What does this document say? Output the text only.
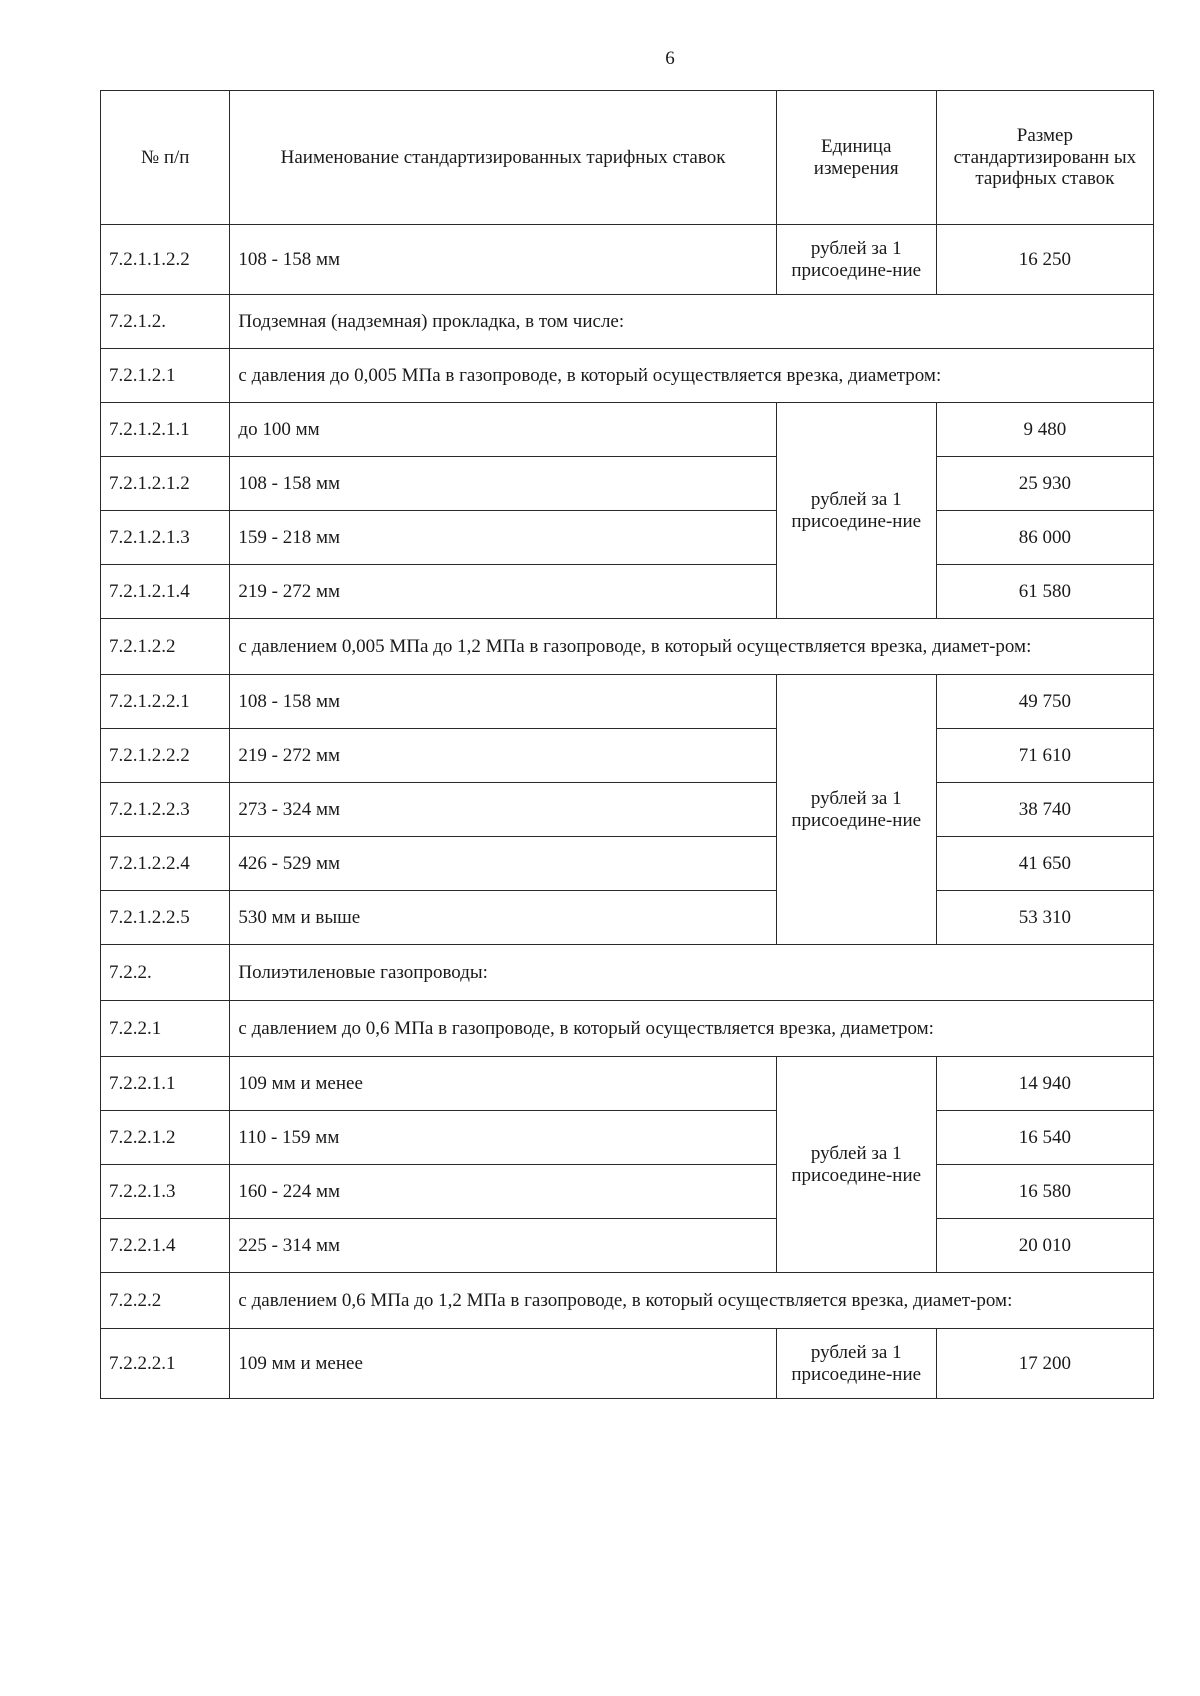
6
№ п/п	Наименование стандартизированных тарифных ставок	Единица измерения	Размер стандартизированн ых тарифных ставок
7.2.1.1.2.2	108 - 158 мм	рублей за 1 присоедине-ние	16 250
7.2.1.2.	Подземная (надземная) прокладка, в том числе:		
7.2.1.2.1	с давления до 0,005 МПа в газопроводе, в который осуществляется врезка, диаметром:		
7.2.1.2.1.1	до 100 мм	рублей за 1 присоедине-ние	9 480
7.2.1.2.1.2	108 - 158 мм		25 930
7.2.1.2.1.3	159 - 218 мм		86 000
7.2.1.2.1.4	219 - 272 мм		61 580
7.2.1.2.2	с давлением 0,005 МПа до 1,2 МПа в газопроводе, в который осуществляется врезка, диамет-ром:		
7.2.1.2.2.1	108 - 158 мм	рублей за 1 присоедине-ние	49 750
7.2.1.2.2.2	219 - 272 мм		71 610
7.2.1.2.2.3	273 - 324 мм		38 740
7.2.1.2.2.4	426 - 529 мм		41 650
7.2.1.2.2.5	530 мм и выше		53 310
7.2.2.	Полиэтиленовые газопроводы:		
7.2.2.1	с давлением до 0,6 МПа в газопроводе, в который осуществляется врезка, диаметром:		
7.2.2.1.1	109 мм и менее	рублей за 1 присоедине-ние	14 940
7.2.2.1.2	110 - 159 мм		16 540
7.2.2.1.3	160 - 224 мм		16 580
7.2.2.1.4	225 - 314 мм		20 010
7.2.2.2	с давлением 0,6 МПа до 1,2 МПа в газопроводе, в который осуществляется врезка, диамет-ром:		
7.2.2.2.1	109 мм и менее	рублей за 1 присоедине-ние	17 200
